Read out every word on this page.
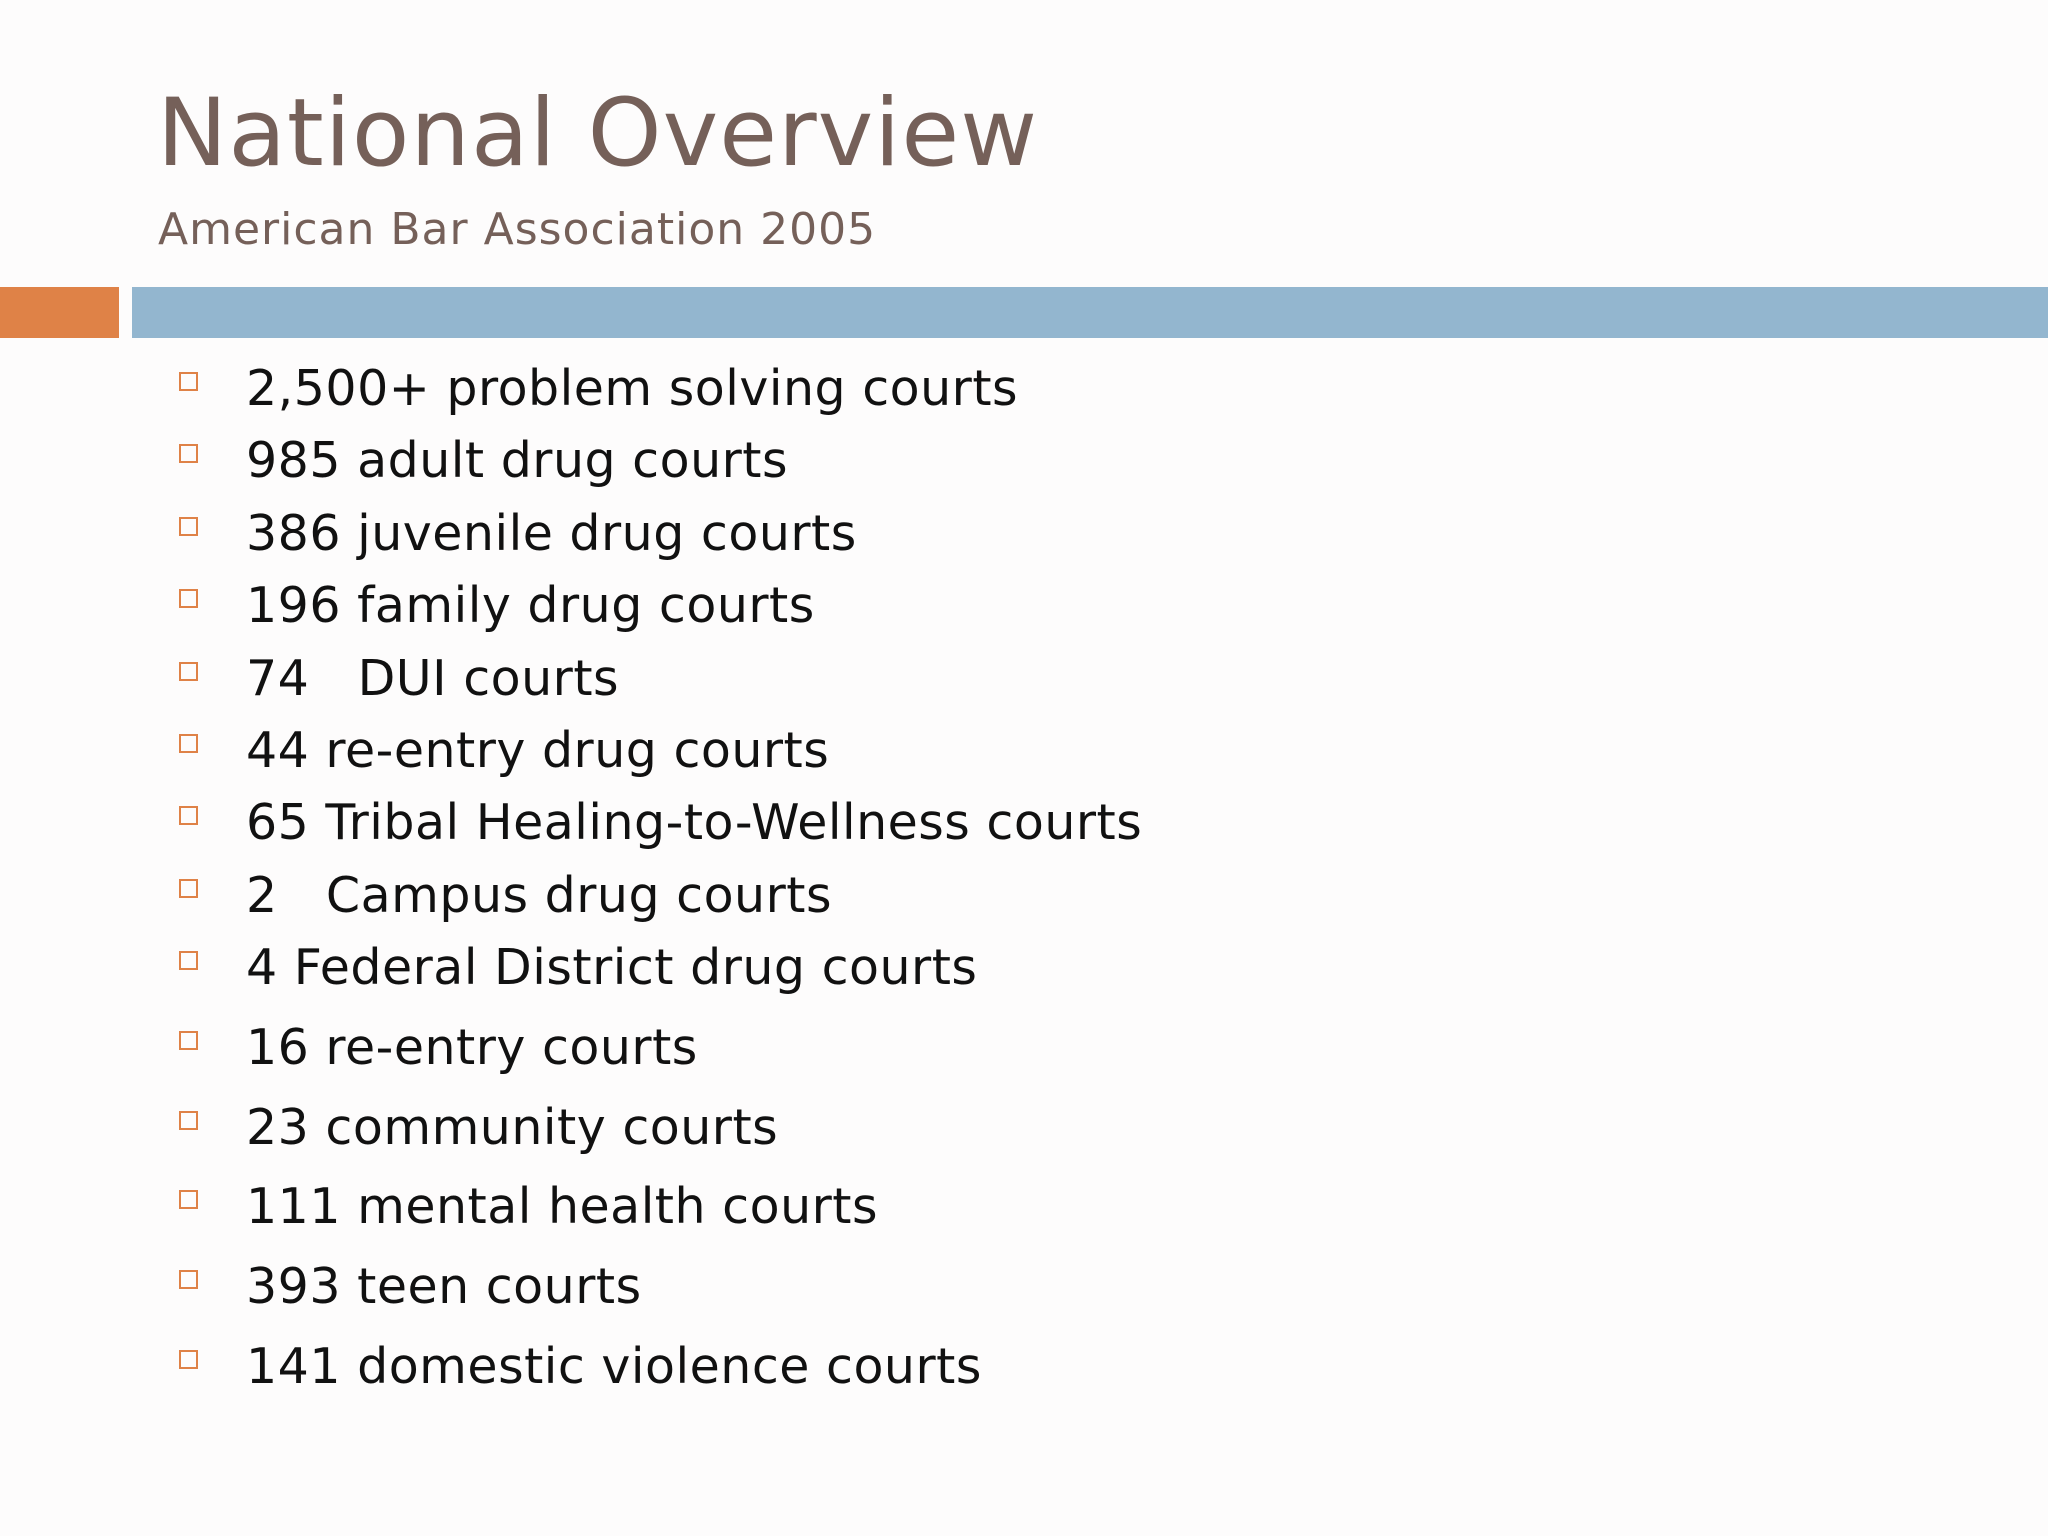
National Overview
American Bar Association 2005
2,500+ problem solving courts
985 adult drug courts
386 juvenile drug courts
196 family drug courts
74   DUI courts
44 re-entry drug courts
65 Tribal Healing-to-Wellness courts
2   Campus drug courts
4 Federal District drug courts
16 re-entry courts
23 community courts
111 mental health courts
393 teen courts
141 domestic violence courts
